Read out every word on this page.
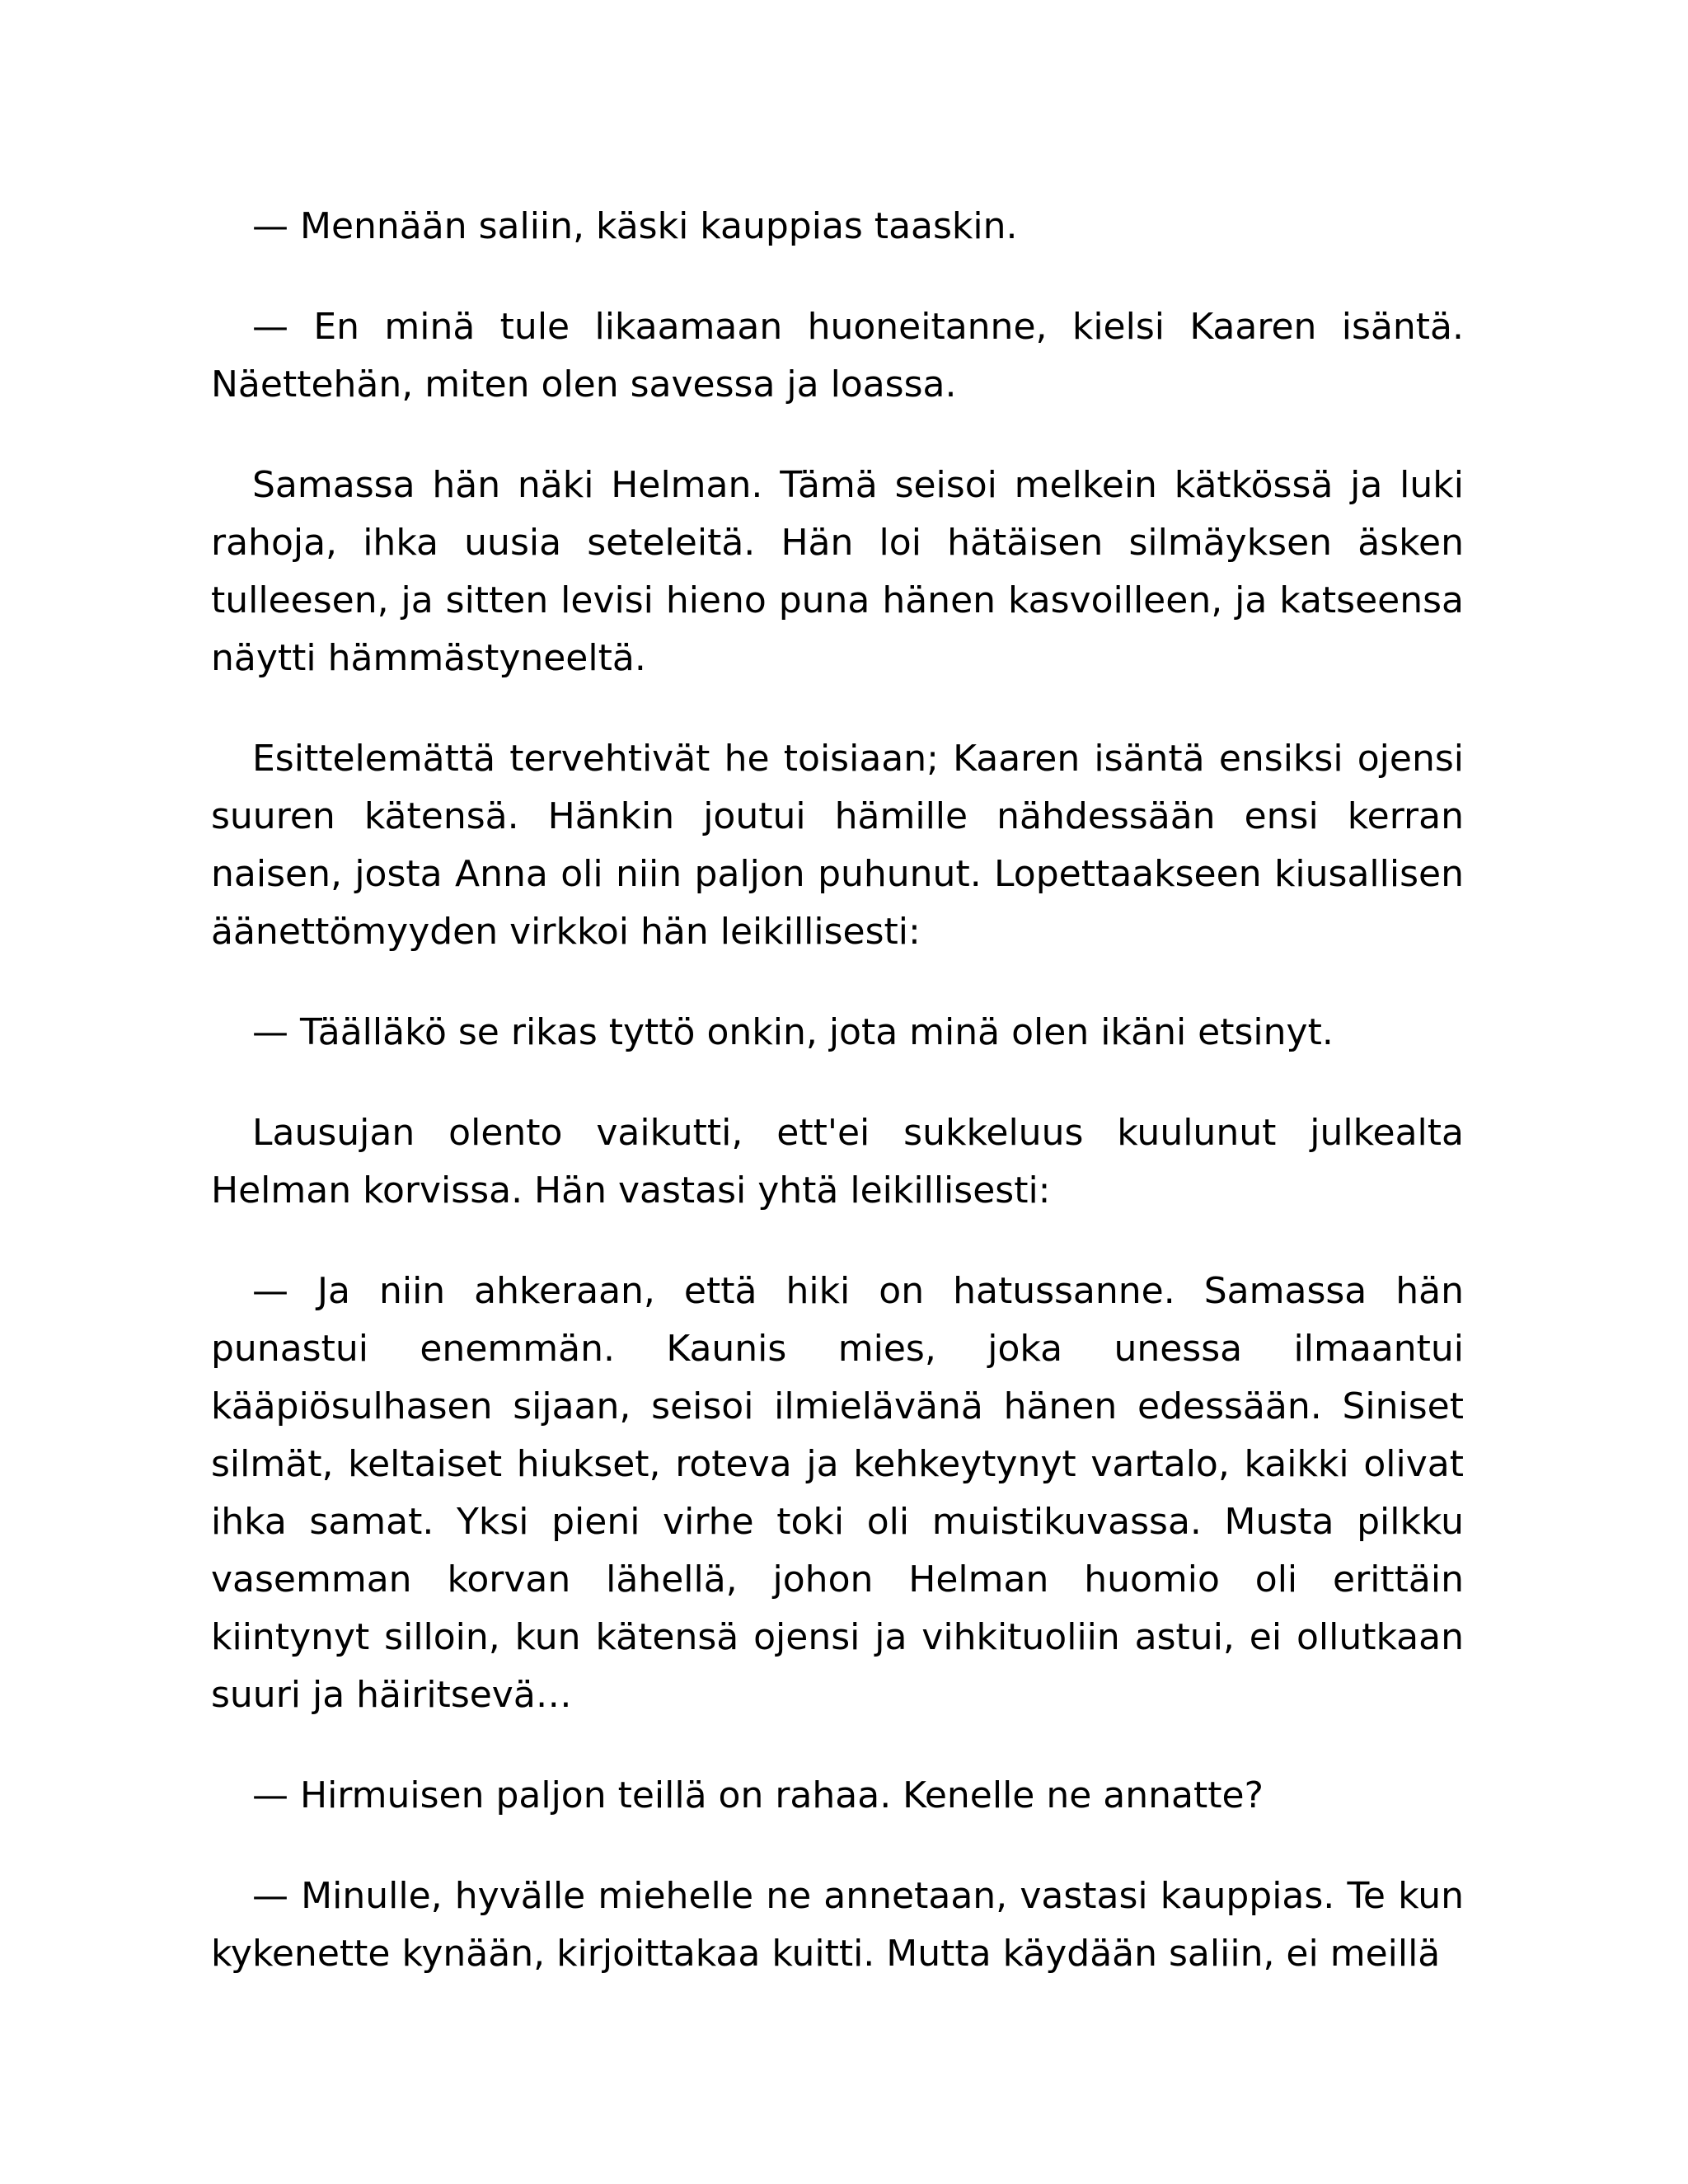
— Mennään saliin, käski kauppias taaskin.

— En minä tule likaamaan huoneitanne, kielsi Kaaren isäntä. Näettehän, miten olen savessa ja loassa.

Samassa hän näki Helman. Tämä seisoi melkein kätkössä ja luki rahoja, ihka uusia seteleitä. Hän loi hätäisen silmäyksen äsken tulleesen, ja sitten levisi hieno puna hänen kasvoilleen, ja katseensa näytti hämmästyneeltä.

Esittelemättä tervehtivät he toisiaan; Kaaren isäntä ensiksi ojensi suuren kätensä. Hänkin joutui hämille nähdessään ensi kerran naisen, josta Anna oli niin paljon puhunut. Lopettaakseen kiusallisen äänettömyyden virkkoi hän leikillisesti:

— Täälläkö se rikas tyttö onkin, jota minä olen ikäni etsinyt.

Lausujan olento vaikutti, ett'ei sukkeluus kuulunut julkealta Helman korvissa. Hän vastasi yhtä leikillisesti:

— Ja niin ahkeraan, että hiki on hatussanne. Samassa hän punastui enemmän. Kaunis mies, joka unessa ilmaantui kääpiösulhasen sijaan, seisoi ilmielävänä hänen edessään. Siniset silmät, keltaiset hiukset, roteva ja kehkeytynyt vartalo, kaikki olivat ihka samat. Yksi pieni virhe toki oli muistikuvassa. Musta pilkku vasemman korvan lähellä, johon Helman huomio oli erittäin kiintynyt silloin, kun kätensä ojensi ja vihkituoliin astui, ei ollutkaan suuri ja häiritsevä…

— Hirmuisen paljon teillä on rahaa. Kenelle ne annatte?

— Minulle, hyvälle miehelle ne annetaan, vastasi kauppias. Te kun kykenette kynään, kirjoittakaa kuitti. Mutta käydään saliin, ei meillä
